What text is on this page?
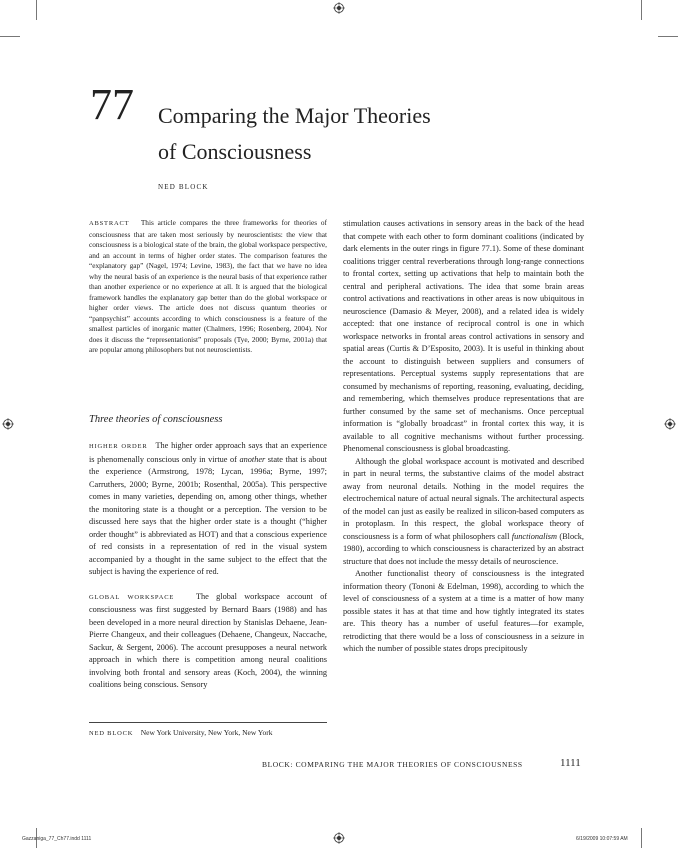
77 Comparing the Major Theories
of Consciousness
NED BLOCK

ABSTRACT This article compares the three frameworks for theories of consciousness that are taken most seriously by neuroscientists: the view that consciousness is a biological state of the brain, the global workspace perspective, and an account in terms of higher order states. The comparison features the “explanatory gap” (Nagel, 1974; Levine, 1983), the fact that we have no idea why the neural basis of an experience is the neural basis of that experience rather than another experience or no experience at all. It is argued that the biological framework handles the explanatory gap better than do the global workspace or higher order views. The article does not discuss quantum theories or “panpsychist” accounts according to which consciousness is a feature of the smallest particles of inorganic matter (Chalmers, 1996; Rosenberg, 2004). Nor does it discuss the “representationist” proposals (Tye, 2000; Byrne, 2001a) that are popular among philosophers but not neuroscientists.

Three theories of consciousness

HIGHER ORDER The higher order approach says that an experience is phenomenally conscious only in virtue of another state that is about the experience (Armstrong, 1978; Lycan, 1996a; Byrne, 1997; Carruthers, 2000; Byrne, 2001b; Rosenthal, 2005a). This perspective comes in many varieties, depending on, among other things, whether the monitoring state is a thought or a perception. The version to be discussed here says that the higher order state is a thought (“higher order thought” is abbreviated as HOT) and that a conscious experience of red consists in a representation of red in the visual system accompanied by a thought in the same subject to the effect that the subject is having the experience of red.

GLOBAL WORKSPACE	The global workspace account of consciousness was first suggested by Bernard Baars (1988) and has been developed in a more neural direction by Stanislas Dehaene, Jean-Pierre Changeux, and their colleagues (Dehaene, Changeux, Naccache, Sackur, & Sergent, 2006). The account presupposes a neural network approach in which there is competition among neural coalitions involving both frontal and sensory areas (Koch, 2004), the winning coalitions being conscious. Sensory

stimulation causes activations in sensory areas in the back of the head that compete with each other to form dominant coalitions (indicated by dark elements in the outer rings in figure 77.1). Some of these dominant coalitions trigger central reverberations through long-range connections to frontal cortex, setting up activations that help to maintain both the central and peripheral activations. The idea that some brain areas control activations and reactivations in other areas is now ubiquitous in neuroscience (Damasio & Meyer, 2008), and a related idea is widely accepted: that one instance of reciprocal control is one in which workspace networks in frontal areas control activations in sensory and spatial areas (Curtis & D’Esposito, 2003). It is useful in thinking about the account to distinguish between suppliers and consumers of representations. Perceptual systems supply representations that are consumed by mechanisms of reporting, reasoning, evaluating, deciding, and remembering, which themselves produce representations that are further consumed by the same set of mechanisms. Once perceptual information is “globally broadcast” in frontal cortex this way, it is available to all cognitive mechanisms without further processing. Phenomenal consciousness is global broadcasting.

Although the global workspace account is motivated and described in part in neural terms, the substantive claims of the model abstract away from neuronal details. Nothing in the model requires the electrochemical nature of actual neural signals. The architectural aspects of the model can just as easily be realized in silicon-based computers as in protoplasm. In this respect, the global workspace theory of consciousness is a form of what philosophers call functionalism (Block, 1980), according to which consciousness is characterized by an abstract structure that does not include the messy details of neuroscience.

Another functionalist theory of consciousness is the integrated information theory (Tononi & Edelman, 1998), according to which the level of consciousness of a system at a time is a matter of how many possible states it has at that time and how tightly integrated its states are. This theory has a number of useful features—for example, retrodicting that there would be a loss of consciousness in a seizure in which the number of possible states drops precipitously

NED BLOCK New York University, New York, New York
BLOCK: COMPARING THE MAJOR THEORIES OF CONSCIOUSNESS	1111
Gazzaniga_77_Ch77.indd 1111	6/19/2009 10:07:59 AM
